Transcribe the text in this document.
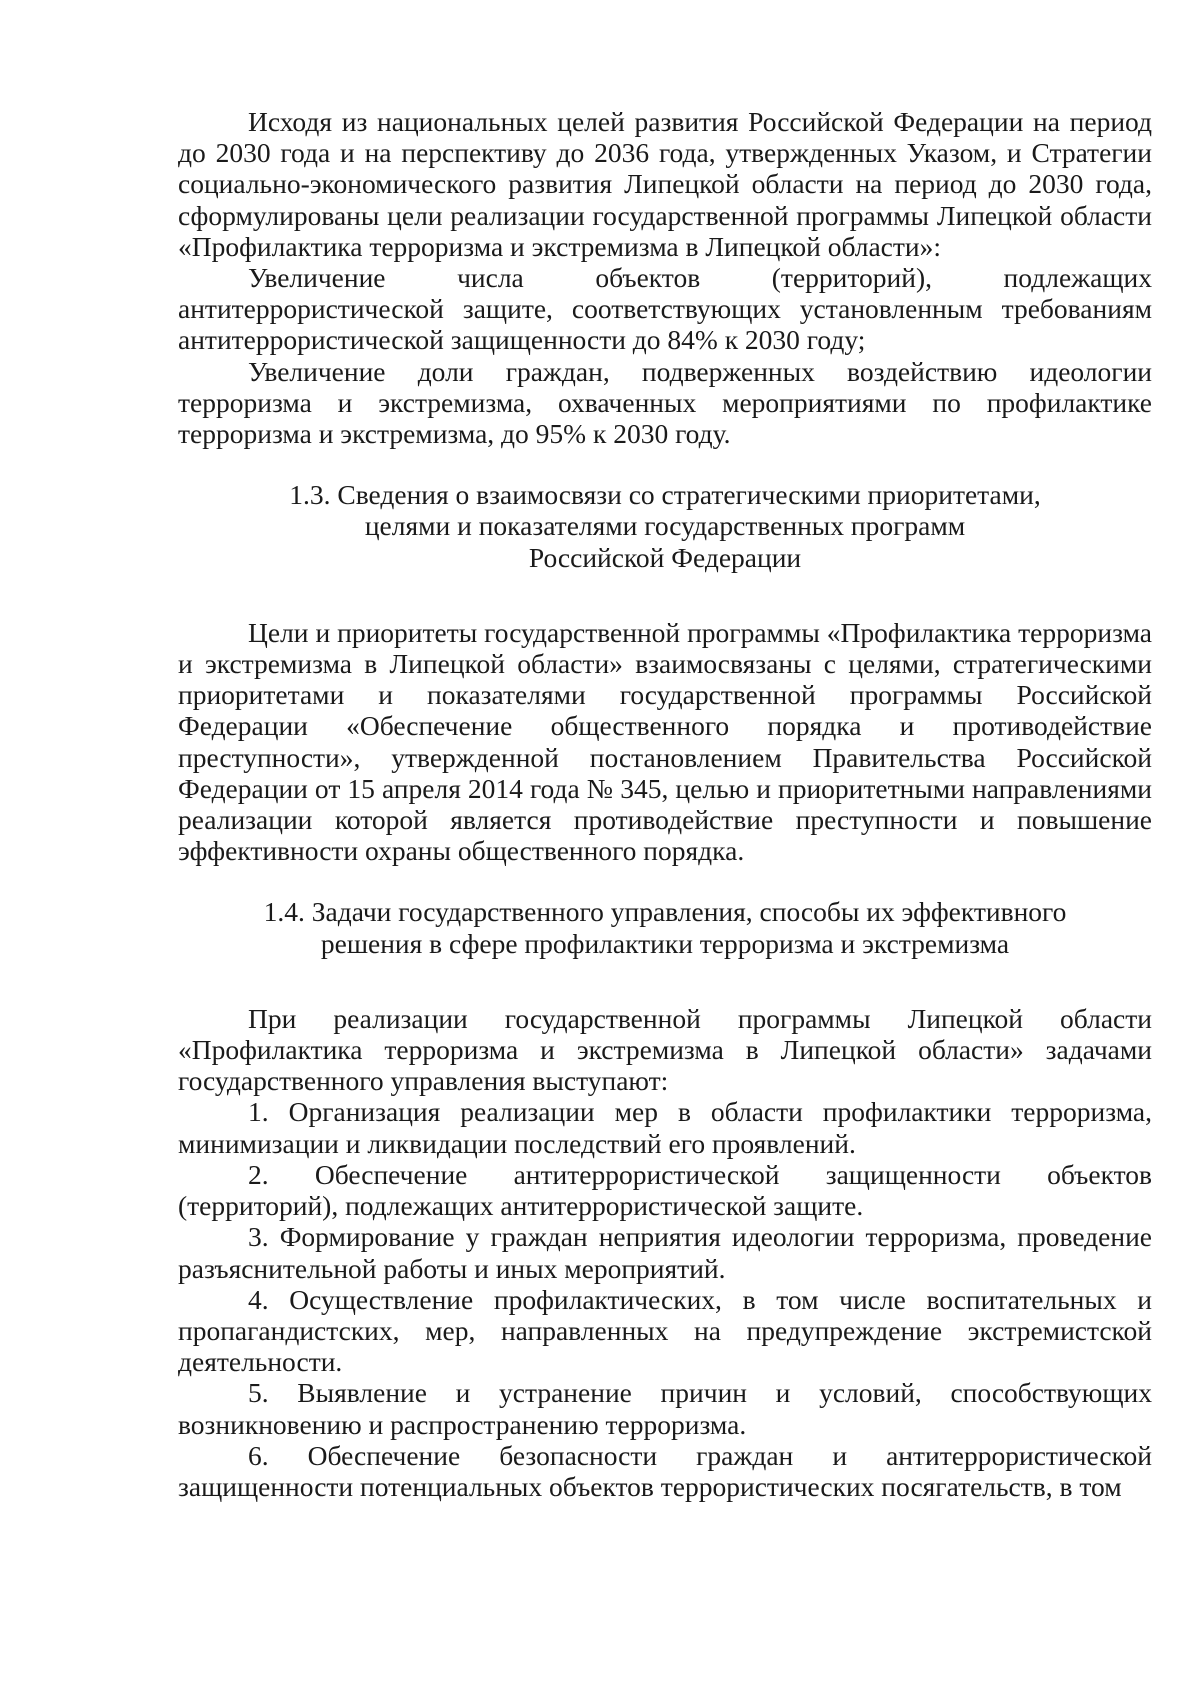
Исходя из национальных целей развития Российской Федерации на период до 2030 года и на перспективу до 2036 года, утвержденных Указом, и Стратегии социально-экономического развития Липецкой области на период до 2030 года, сформулированы цели реализации государственной программы Липецкой области «Профилактика терроризма и экстремизма в Липецкой области»:

Увеличение числа объектов (территорий), подлежащих антитеррористической защите, соответствующих установленным требованиям антитеррористической защищенности до 84% к 2030 году;

Увеличение доли граждан, подверженных воздействию идеологии терроризма и экстремизма, охваченных мероприятиями по профилактике терроризма и экстремизма, до 95% к 2030 году.

1.3. Сведения о взаимосвязи со стратегическими приоритетами,

целями и показателями государственных программ

Российской Федерации

Цели и приоритеты государственной программы «Профилактика терроризма и экстремизма в Липецкой области» взаимосвязаны с целями, стратегическими приоритетами и показателями государственной программы Российской Федерации «Обеспечение общественного порядка и противодействие преступности», утвержденной постановлением Правительства Российской Федерации от 15 апреля 2014 года № 345, целью и приоритетными направлениями реализации которой является противодействие преступности и повышение эффективности охраны общественного порядка.

1.4. Задачи государственного управления, способы их эффективного

решения в сфере профилактики терроризма и экстремизма

При реализации государственной программы Липецкой области «Профилактика терроризма и экстремизма в Липецкой области» задачами государственного управления выступают:

1. Организация реализации мер в области профилактики терроризма, минимизации и ликвидации последствий его проявлений.

2. Обеспечение антитеррористической защищенности объектов (территорий), подлежащих антитеррористической защите.

3. Формирование у граждан неприятия идеологии терроризма, проведение разъяснительной работы и иных мероприятий.

4. Осуществление профилактических, в том числе воспитательных и пропагандистских, мер, направленных на предупреждение экстремистской деятельности.

5. Выявление и устранение причин и условий, способствующих возникновению и распространению терроризма.

6. Обеспечение безопасности граждан и антитеррористической защищенности потенциальных объектов террористических посягательств, в том
